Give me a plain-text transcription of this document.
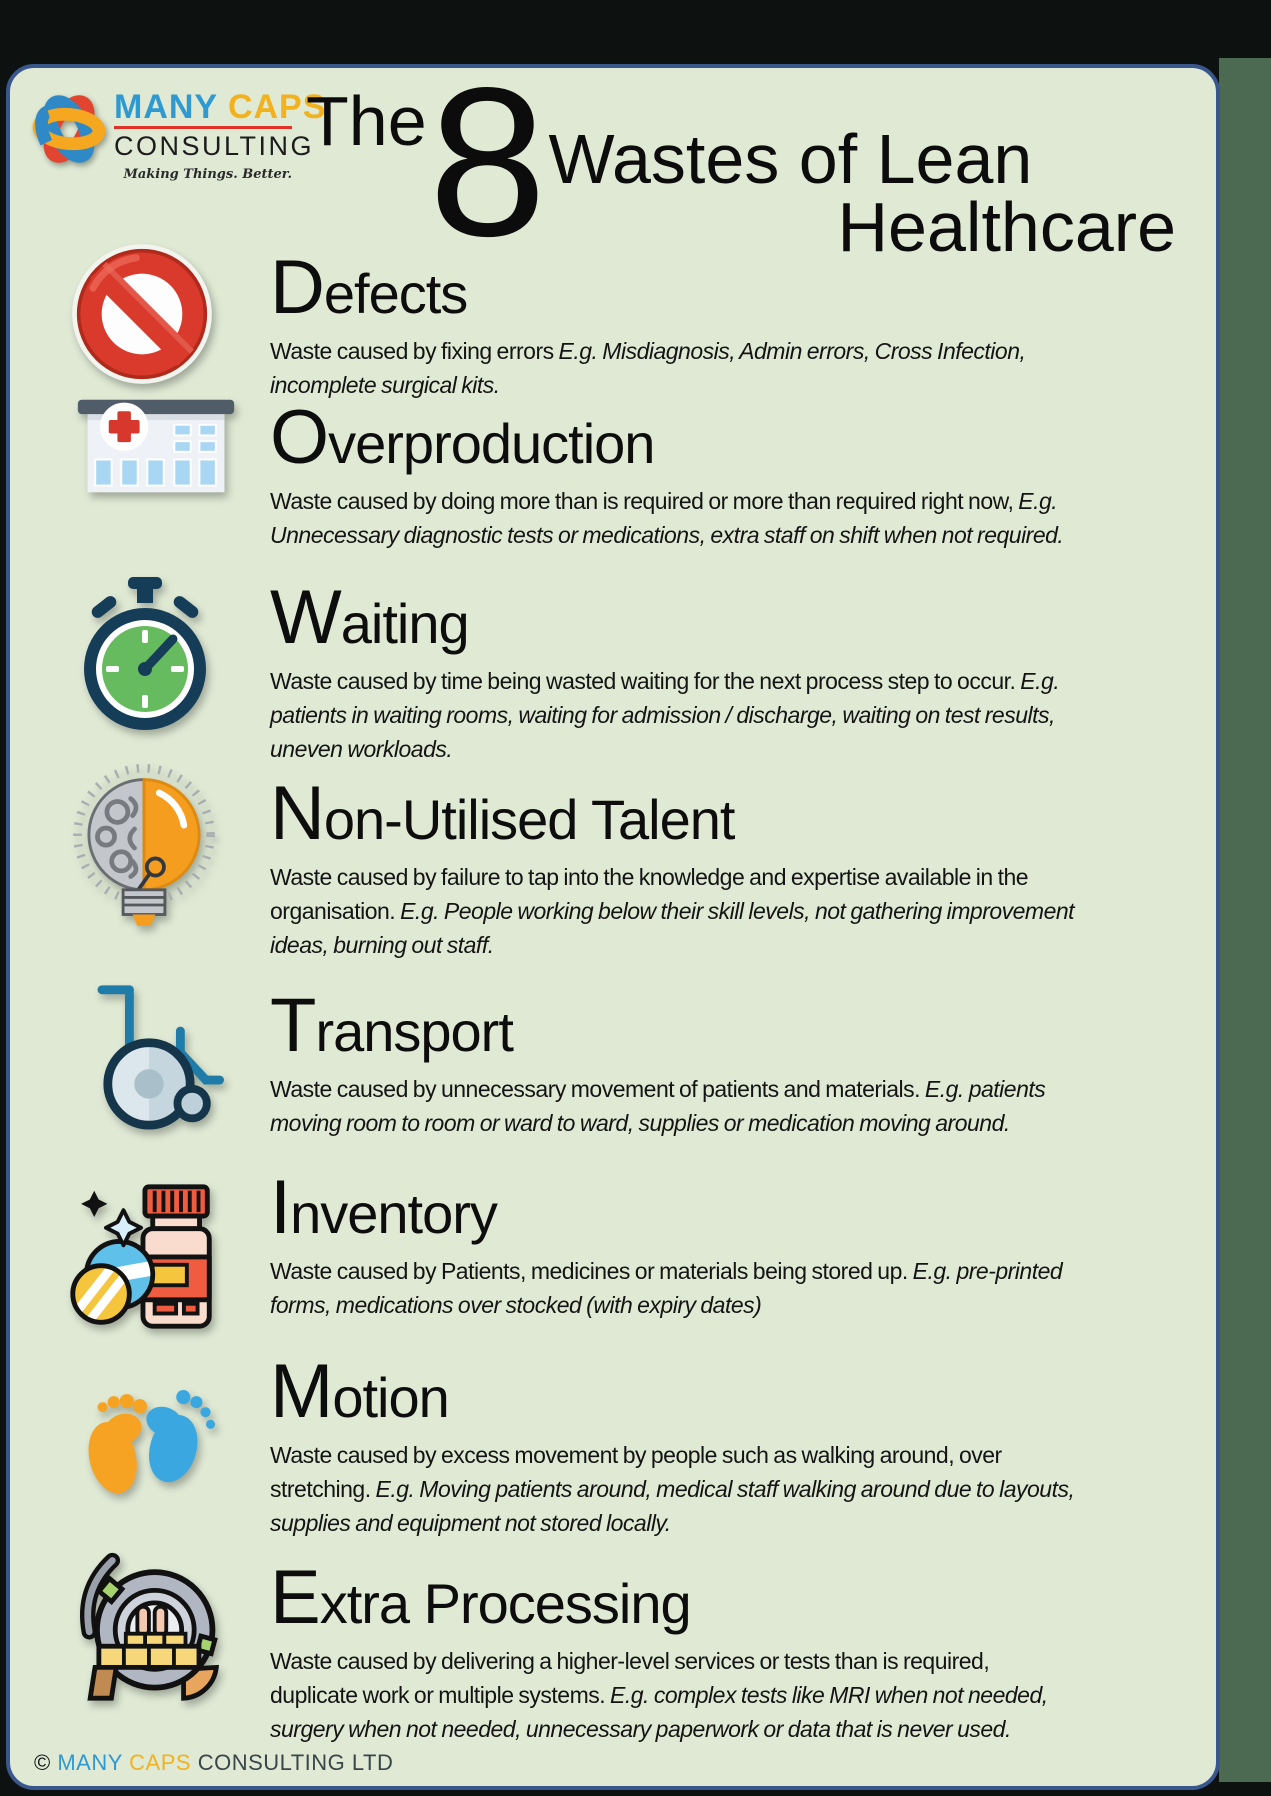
MANY CAPS
CONSULTING
Making Things. Better.
The 8 Wastes of Lean
Healthcare
Defects

Waste caused by fixing errors E.g. Misdiagnosis, Admin errors, Cross Infection, incomplete surgical kits.

Overproduction

Waste caused by doing more than is required or more than required right now, E.g. Unnecessary diagnostic tests or medications, extra staff on shift when not required.

Waiting

Waste caused by time being wasted waiting for the next process step to occur. E.g. patients in waiting rooms, waiting for admission / discharge, waiting on test results, uneven workloads.

Non-Utilised Talent

Waste caused by failure to tap into the knowledge and expertise available in the organisation. E.g. People working below their skill levels, not gathering improvement ideas, burning out staff.

Transport

Waste caused by unnecessary movement of patients and materials. E.g. patients moving room to room or ward to ward, supplies or medication moving around.

Inventory

Waste caused by Patients, medicines or materials being stored up. E.g. pre-printed forms, medications over stocked (with expiry dates)

Motion

Waste caused by excess movement by people such as walking around, over stretching. E.g. Moving patients around, medical staff walking around due to layouts, supplies and equipment not stored locally.

Extra Processing

Waste caused by delivering a higher-level services or tests than is required, duplicate work or multiple systems. E.g. complex tests like MRI when not needed, surgery when not needed, unnecessary paperwork or data that is never used.

© MANY CAPS CONSULTING LTD
